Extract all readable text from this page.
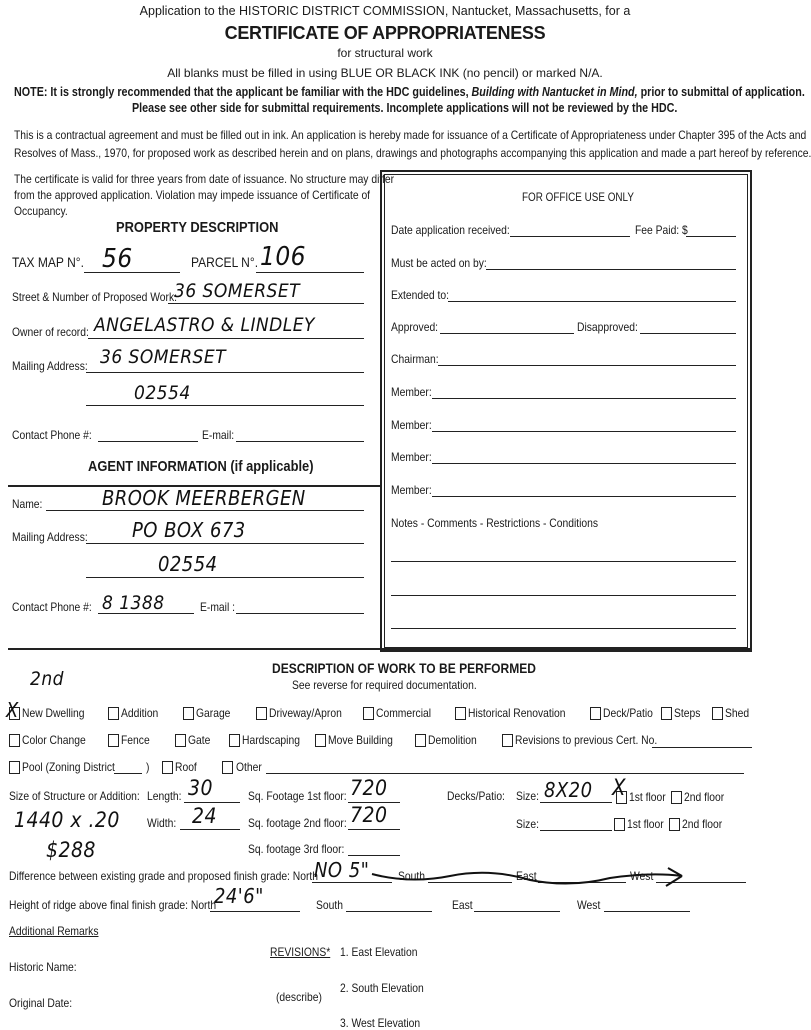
Application to the HISTORIC DISTRICT COMMISSION, Nantucket, Massachusetts, for a
CERTIFICATE OF APPROPRIATENESS
for structural work
All blanks must be filled in using BLUE OR BLACK INK (no pencil) or marked N/A.
NOTE: It is strongly recommended that the applicant be familiar with the HDC guidelines, Building with Nantucket in Mind, prior to submittal of application.
Please see other side for submittal requirements. Incomplete applications will not be reviewed by the HDC.
This is a contractual agreement and must be filled out in ink. An application is hereby made for issuance of a Certificate of Appropriateness under Chapter 395 of the Acts and
Resolves of Mass., 1970, for proposed work as described herein and on plans, drawings and photographs accompanying this application and made a part hereof by reference.
The certificate is valid for three years from date of issuance. No structure may differ
from the approved application. Violation may impede issuance of Certificate of
Occupancy.
FOR OFFICE USE ONLY
Date application received:	Fee Paid: $
Must be acted on by:
Extended to:
Approved:	Disapproved:
Chairman:
Member:
Member:
Member:
Member:
Notes - Comments - Restrictions - Conditions
PROPERTY DESCRIPTION
TAX MAP N°. 56	PARCEL N°. 106
Street & Number of Proposed Work:
36 SOMERSET
Owner of record: ANGELASTRO & LINDLEY
Mailing Address: 36 SOMERSET
02554
Contact Phone #:	E-mail:
AGENT INFORMATION (if applicable)
Name:	BROOK MEERBERGEN
Mailing Address: PO BOX 673
02554
Contact Phone #: 8 1388	E-mail :
DESCRIPTION OF WORK TO BE PERFORMED
See reverse for required documentation.
2nd
X New Dwelling	Addition	Garage	Driveway/Apron	Commercial	Historical Renovation	Deck/Patio Steps Shed
Color Change	Fence	Gate	Hardscaping Move Building	Demolition	Revisions to previous Cert. No.
Pool (Zoning District	) Roof	Other
Size of Structure or Addition: Length: 30	Sq. Footage 1st floor: 720
Width: 24	Sq. footage 2nd floor: 720
Sq. footage 3rd floor:
1440 x .20
$288
Decks/Patio: Size: 8X20 X 1st floor 2nd floor
Size:	1st floor 2nd floor
Difference between existing grade and proposed finish grade: North
NO 5" South	East	West
Height of ridge above final finish grade: North
24'6"	South	East	West
Additional Remarks
REVISIONS* 1. East Elevation
Historic Name:
2. South Elevation
(describe)
Original Date:
3. West Elevation
